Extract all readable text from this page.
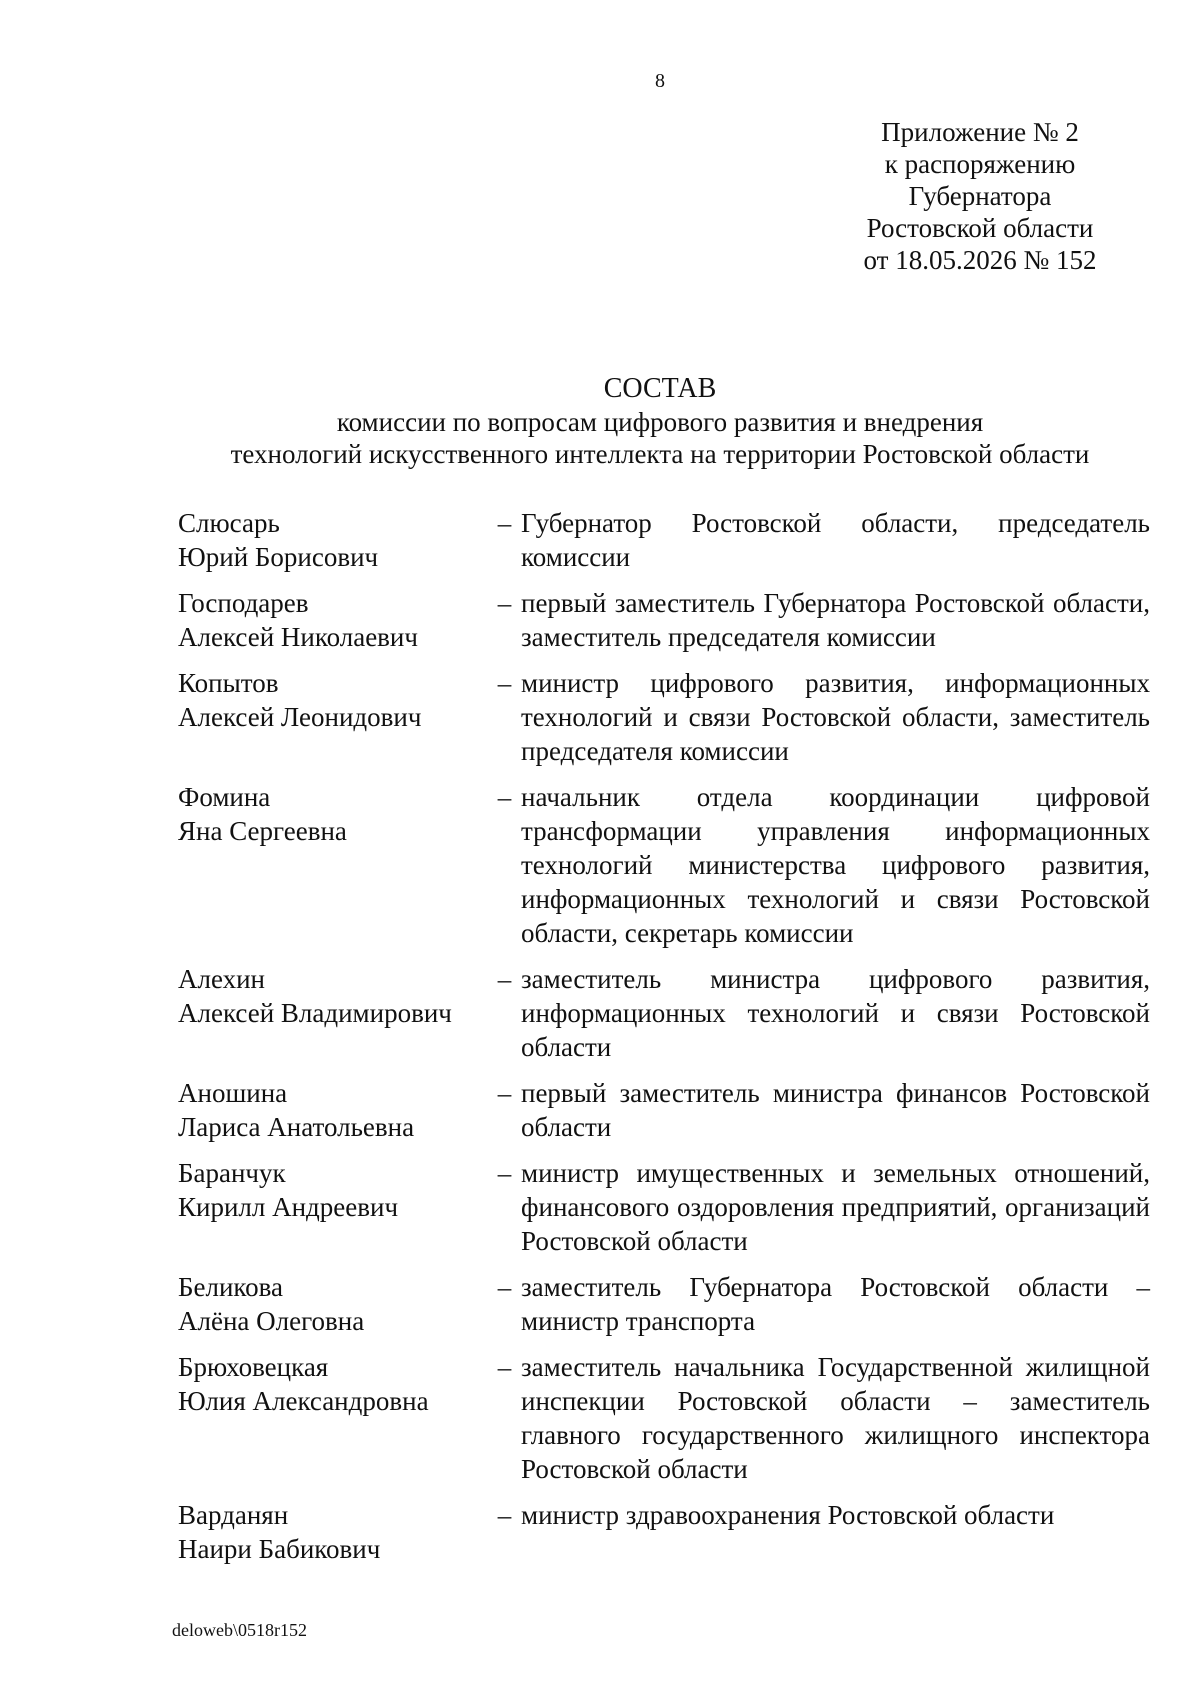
8
Приложение № 2
к распоряжению
Губернатора
Ростовской области
от 18.05.2026 № 152
СОСТАВ
комиссии по вопросам цифрового развития и внедрения
технологий искусственного интеллекта на территории Ростовской области
Слюсарь
Юрий Борисович
– Губернатор Ростовской области, председатель комиссии
Господарев
Алексей Николаевич
– первый заместитель Губернатора Ростовской области, заместитель председателя комиссии
Копытов
Алексей Леонидович
– министр цифрового развития, информационных технологий и связи Ростовской области, заместитель председателя комиссии
Фомина
Яна Сергеевна
– начальник отдела координации цифровой трансформации управления информационных технологий министерства цифрового развития, информационных технологий и связи Ростовской области, секретарь комиссии
Алехин
Алексей Владимирович
– заместитель министра цифрового развития, информационных технологий и связи Ростовской области
Аношина
Лариса Анатольевна
– первый заместитель министра финансов Ростовской области
Баранчук
Кирилл Андреевич
– министр имущественных и земельных отношений, финансового оздоровления предприятий, организаций Ростовской области
Беликова
Алёна Олеговна
– заместитель Губернатора Ростовской области – министр транспорта
Брюховецкая
Юлия Александровна
– заместитель начальника Государственной жилищной инспекции Ростовской области – заместитель главного государственного жилищного инспектора Ростовской области
Варданян
Наири Бабикович
– министр здравоохранения Ростовской области
deloweb\0518r152
